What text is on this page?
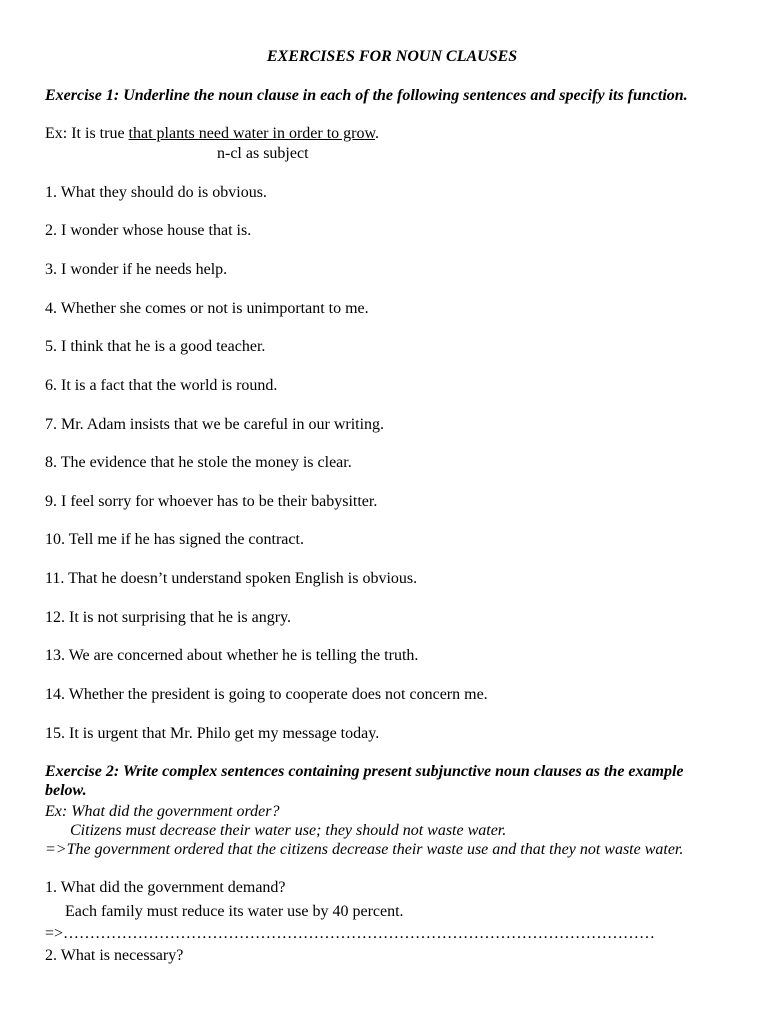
EXERCISES FOR NOUN CLAUSES
Exercise 1: Underline the noun clause in each of the following sentences and specify its function.
Ex: It is true that plants need water in order to grow.
n-cl as subject
1. What they should do is obvious.
2. I wonder whose house that is.
3. I wonder if he needs help.
4. Whether she comes or not is unimportant to me.
5. I think that he is a good teacher.
6. It is a fact that the world is round.
7. Mr. Adam insists that we be careful in our writing.
8. The evidence that he stole the money is clear.
9. I feel sorry for whoever has to be their babysitter.
10. Tell me if he has signed the contract.
11. That he doesn’t understand spoken English is obvious.
12. It is not surprising that he is angry.
13. We are concerned about whether he is telling the truth.
14. Whether the president is going to cooperate does not concern me.
15. It is urgent that Mr. Philo get my message today.
Exercise 2: Write complex sentences containing present subjunctive noun clauses as the example below.
Ex: What did the government order?
Citizens must decrease their water use; they should not waste water.
=>The government ordered that the citizens decrease their waste use and that they not waste water.
1. What did the government demand?
Each family must reduce its water use by 40 percent.
=>…………………………………………………………………………………………………
2. What is necessary?
